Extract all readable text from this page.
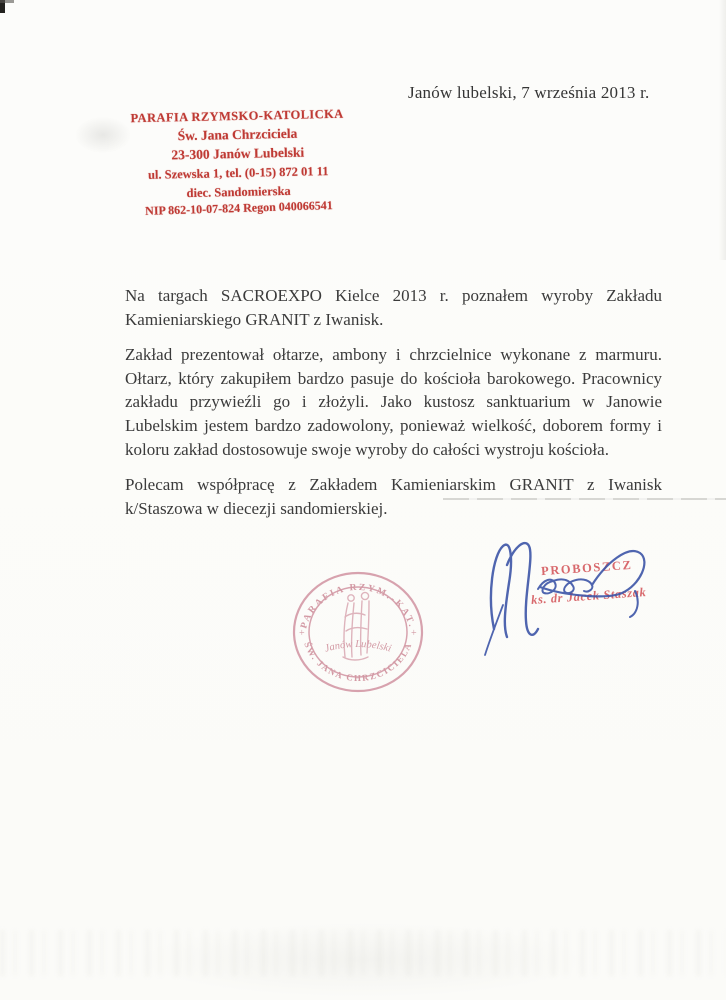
Janów lubelski, 7 września 2013 r.
PARAFIA RZYMSKO-KATOLICKA
Św. Jana Chrzciciela
23-300 Janów Lubelski
ul. Szewska 1, tel. (0-15) 872 01 11
diec. Sandomierska

NIP 862-10-07-824 Regon 040066541

Na targach SACROEXPO Kielce 2013 r. poznałem wyroby Zakładu Kamieniarskiego GRANIT z Iwanisk.

Zakład prezentował ołtarze, ambony i chrzcielnice wykonane z marmuru. Ołtarz, który zakupiłem bardzo pasuje do kościoła barokowego. Pracownicy zakładu przywieźli go i złożyli. Jako kustosz sanktuarium w Janowie Lubelskim jestem bardzo zadowolony, ponieważ wielkość, doborem formy i koloru zakład dostosowuje swoje wyroby do całości wystroju kościoła.

Polecam współpracę z Zakładem Kamieniarskim GRANIT z Iwanisk k/Staszowa w diecezji sandomierskiej.

PROBOSZCZ
ks. dr Jacek Staszak
PARAFIA RZYM.-KAT.
ŚW. JANA CHRZCICIELA
+	+
Janów Lubelski
